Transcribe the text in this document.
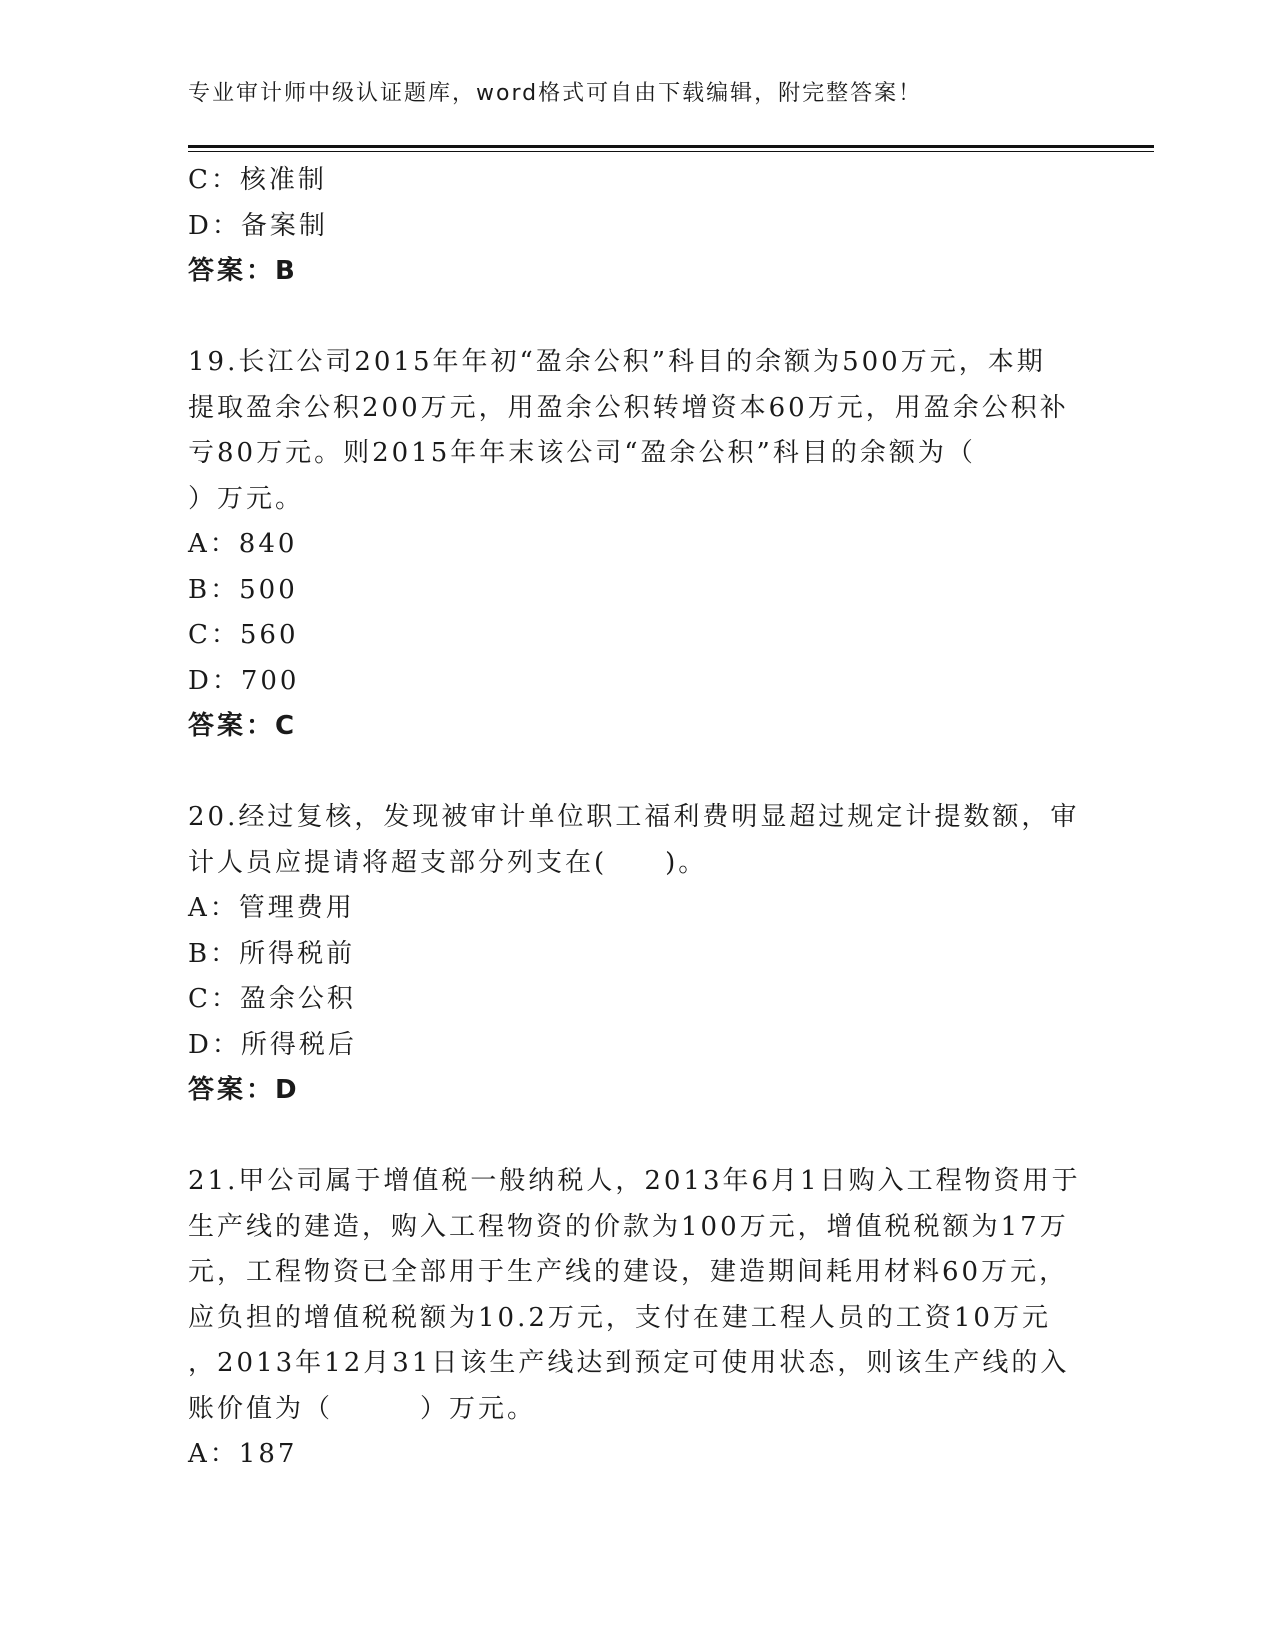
专业审计师中级认证题库，word格式可自由下载编辑，附完整答案！
C：核准制
D：备案制
答案：B
19.长江公司2015年年初“盈余公积”科目的余额为500万元，本期
提取盈余公积200万元，用盈余公积转增资本60万元，用盈余公积补
亏80万元。则2015年年末该公司“盈余公积”科目的余额为（
）万元。
A：840
B：500
C：560
D：700
答案：C
20.经过复核，发现被审计单位职工福利费明显超过规定计提数额，审
计人员应提请将超支部分列支在(　　)。
A：管理费用
B：所得税前
C：盈余公积
D：所得税后
答案：D
21.甲公司属于增值税一般纳税人，2013年6月1日购入工程物资用于
生产线的建造，购入工程物资的价款为100万元，增值税税额为17万
元，工程物资已全部用于生产线的建设，建造期间耗用材料60万元，
应负担的增值税税额为10.2万元，支付在建工程人员的工资10万元
，2013年12月31日该生产线达到预定可使用状态，则该生产线的入
账价值为（　　　）万元。
A：187
